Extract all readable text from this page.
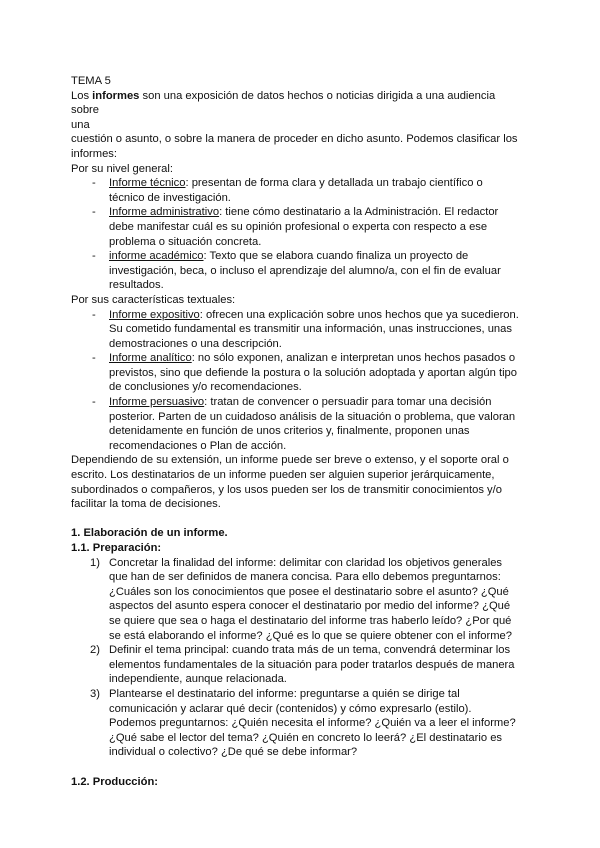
TEMA 5

Los informes son una exposición de datos hechos o noticias dirigida a una audiencia sobre
una
cuestión o asunto, o sobre la manera de proceder en dicho asunto. Podemos clasificar los
informes:

Por su nivel general:

- Informe técnico: presentan de forma clara y detallada un trabajo científico o técnico de investigación.
- Informe administrativo: tiene cómo destinatario a la Administración. El redactor debe manifestar cuál es su opinión profesional o experta con respecto a ese problema o situación concreta.
- informe académico: Texto que se elabora cuando finaliza un proyecto de investigación, beca, o incluso el aprendizaje del alumno/a, con el fin de evaluar resultados.

Por sus características textuales:

- Informe expositivo: ofrecen una explicación sobre unos hechos que ya sucedieron. Su cometido fundamental es transmitir una información, unas instrucciones, unas demostraciones o una descripción.
- Informe analítico: no sólo exponen, analizan e interpretan unos hechos pasados o previstos, sino que defiende la postura o la solución adoptada y aportan algún tipo de conclusiones y/o recomendaciones.
- Informe persuasivo: tratan de convencer o persuadir para tomar una decisión posterior. Parten de un cuidadoso análisis de la situación o problema, que valoran detenidamente en función de unos criterios y, finalmente, proponen unas recomendaciones o Plan de acción.

Dependiendo de su extensión, un informe puede ser breve o extenso, y el soporte oral o escrito. Los destinatarios de un informe pueden ser alguien superior jerárquicamente, subordinados o compañeros, y los usos pueden ser los de transmitir conocimientos y/o facilitar la toma de decisiones.

1. Elaboración de un informe.

1.1. Preparación:

1) Concretar la finalidad del informe: delimitar con claridad los objetivos generales que han de ser definidos de manera concisa. Para ello debemos preguntarnos: ¿Cuáles son los conocimientos que posee el destinatario sobre el asunto? ¿Qué aspectos del asunto espera conocer el destinatario por medio del informe? ¿Qué se quiere que sea o haga el destinatario del informe tras haberlo leído? ¿Por qué se está elaborando el informe? ¿Qué es lo que se quiere obtener con el informe?
2) Definir el tema principal: cuando trata más de un tema, convendrá determinar los elementos fundamentales de la situación para poder tratarlos después de manera independiente, aunque relacionada.
3) Plantearse el destinatario del informe: preguntarse a quién se dirige tal comunicación y aclarar qué decir (contenidos) y cómo expresarlo (estilo). Podemos preguntarnos: ¿Quién necesita el informe? ¿Quién va a leer el informe? ¿Qué sabe el lector del tema? ¿Quién en concreto lo leerá? ¿El destinatario es individual o colectivo? ¿De qué se debe informar?

1.2. Producción:
